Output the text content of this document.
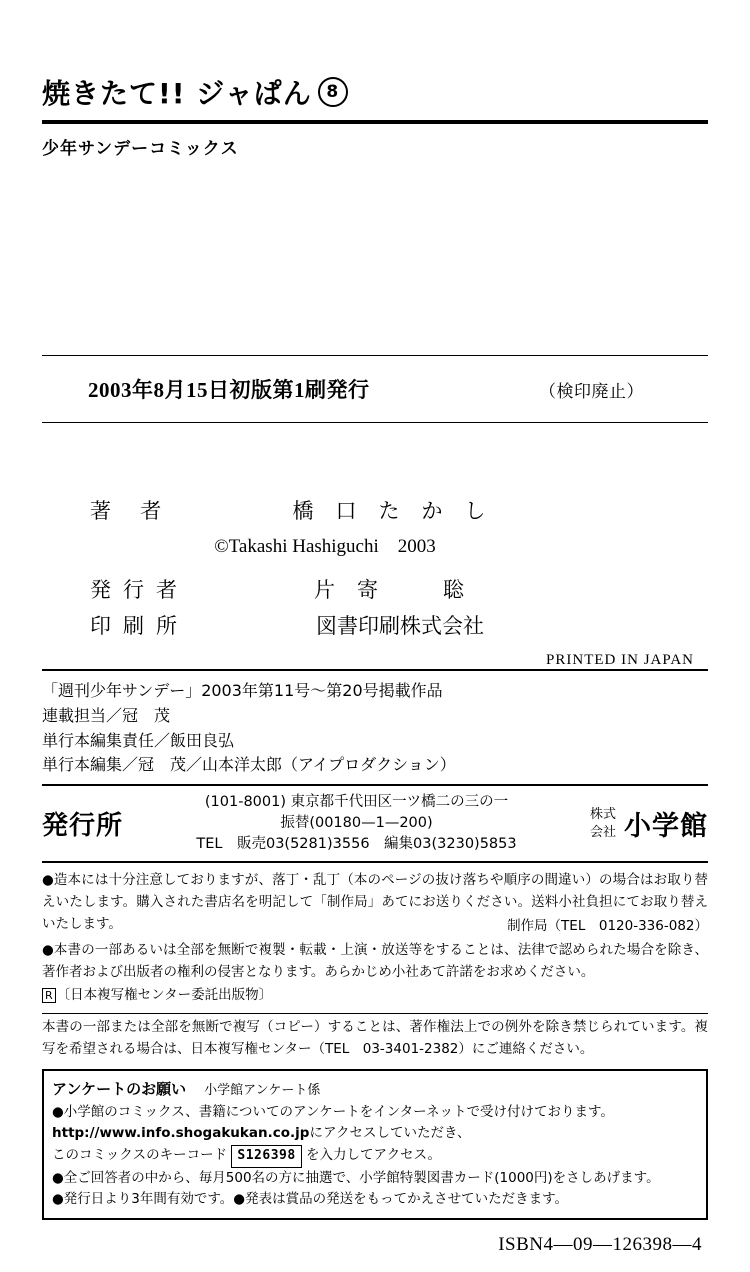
焼きたて!! ジャぱん 8
少年サンデーコミックス
2003年8月15日初版第1刷発行	（検印廃止）
著 者	橋口たかし
©Takashi Hashiguchi　2003
発行者	片寄　聡
印刷所	図書印刷株式会社
PRINTED IN JAPAN
「週刊少年サンデー」2003年第11号〜第20号掲載作品
連載担当／冠　茂
単行本編集責任／飯田良弘
単行本編集／冠　茂／山本洋太郎（アイプロダクション）
発行所
(101-8001) 東京都千代田区一ツ橋二の三の一
振替(00180—1—200)
TEL　販売03(5281)3556　編集03(3230)5853
株式
会社 小学館

●造本には十分注意しておりますが、落丁・乱丁（本のページの抜け落ちや順序の間違い）の場合はお取り替えいたします。購入された書店名を明記して「制作局」あてにお送りください。送料小社負担にてお取り替えいたします。	制作局（TEL　0120-336-082）

●本書の一部あるいは全部を無断で複製・転載・上演・放送等をすることは、法律で認められた場合を除き、著作者および出版者の権利の侵害となります。あらかじめ小社あて許諾をお求めください。

R 〔日本複写権センター委託出版物〕

本書の一部または全部を無断で複写（コピー）することは、著作権法上での例外を除き禁じられています。複写を希望される場合は、日本複写権センター（TEL　03-3401-2382）にご連絡ください。

アンケートのお願い 小学館アンケート係
●小学館のコミックス、書籍についてのアンケートをインターネットで受け付けております。
http://www.info.shogakukan.co.jpにアクセスしていただき、
このコミックスのキーコード S126398 を入力してアクセス。
●全ご回答者の中から、毎月500名の方に抽選で、小学館特製図書カード(1000円)をさしあげます。
●発行日より3年間有効です。●発表は賞品の発送をもってかえさせていただきます。
ISBN4—09—126398—4
